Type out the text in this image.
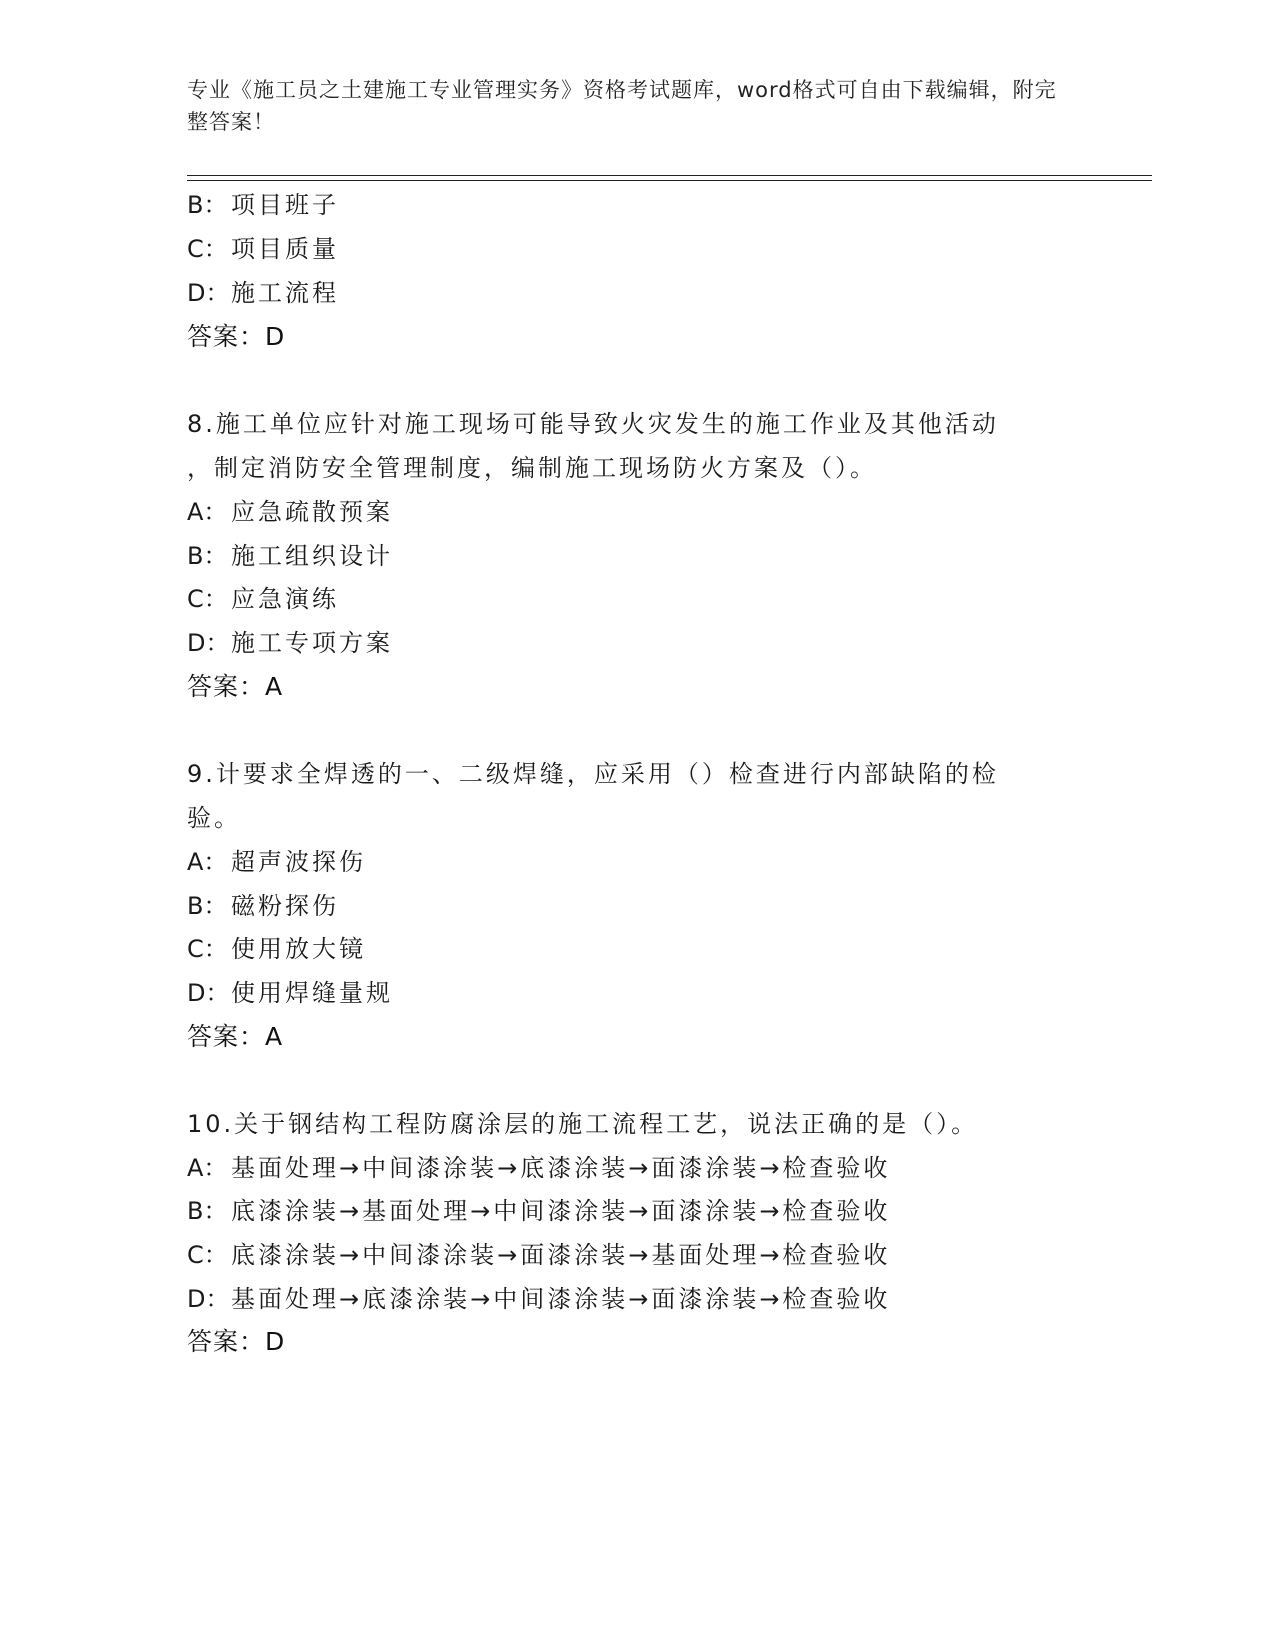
专业《施工员之土建施工专业管理实务》资格考试题库，word格式可自由下载编辑，附完整答案！
B： 项目班子
C： 项目质量
D：施工流程
答案：D
8.施工单位应针对施工现场可能导致火灾发生的施工作业及其他活动
，制定消防安全管理制度，编制施工现场防火方案及（）。
A： 应急疏散预案
B： 施工组织设计
C： 应急演练
D：施工专项方案
答案：A
9.计要求全焊透的一、二级焊缝，应采用（）检查进行内部缺陷的检
验。
A： 超声波探伤
B： 磁粉探伤
C： 使用放大镜
D：使用焊缝量规
答案：A
10.关于钢结构工程防腐涂层的施工流程工艺，说法正确的是（）。
A： 基面处理→中间漆涂装→底漆涂装→面漆涂装→检查验收
B： 底漆涂装→基面处理→中间漆涂装→面漆涂装→检查验收
C： 底漆涂装→中间漆涂装→面漆涂装→基面处理→检查验收
D：基面处理→底漆涂装→中间漆涂装→面漆涂装→检查验收
答案：D
